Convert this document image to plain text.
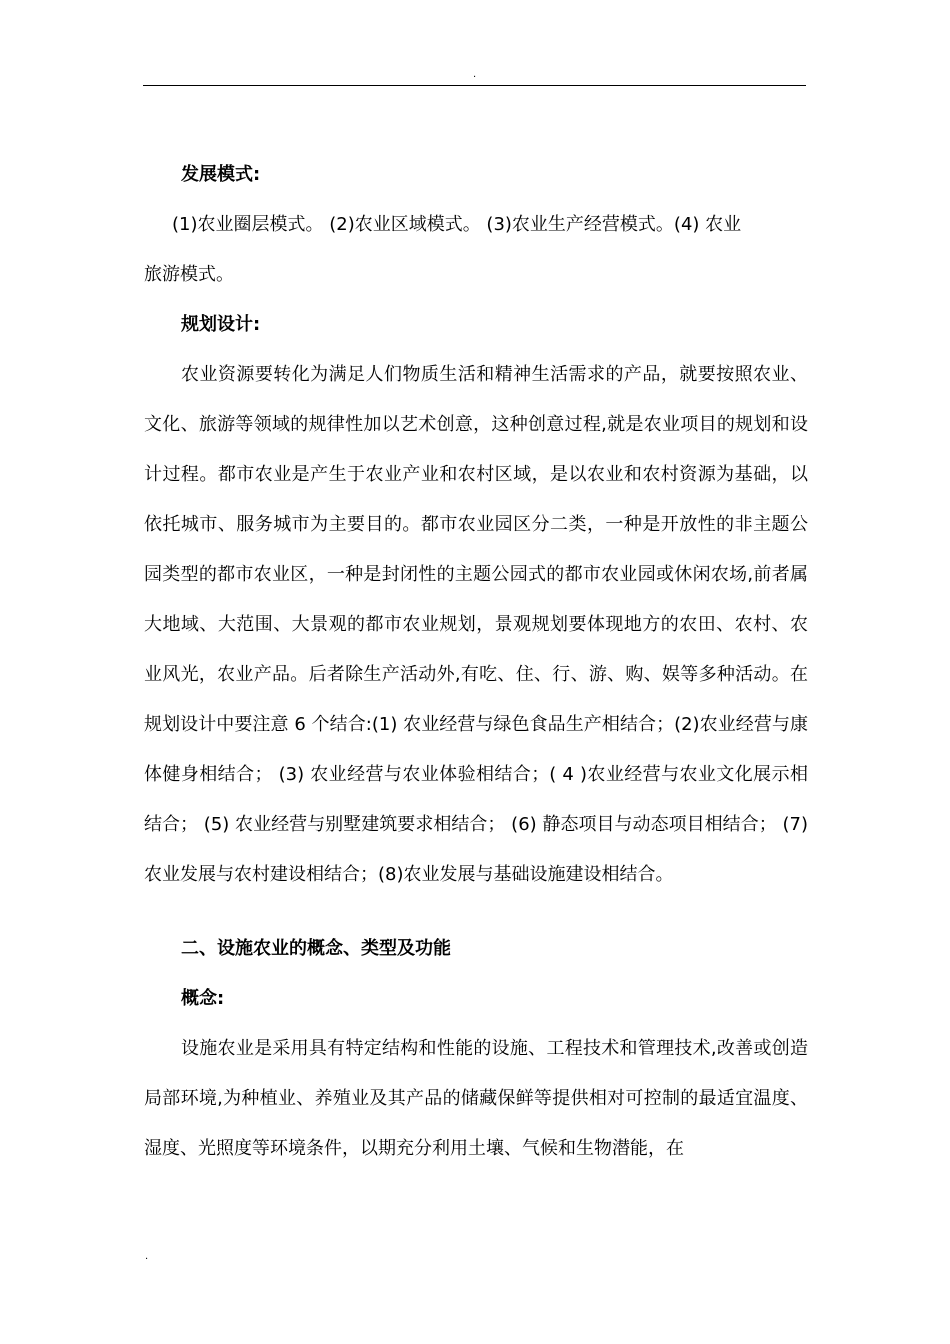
.

发展模式:

(1)农业圈层模式。 (2)农业区域模式。 (3)农业生产经营模式。(4) 农业

旅游模式。

规划设计:

农业资源要转化为满足人们物质生活和精神生活需求的产品，就要按照农业、文化、旅游等领域的规律性加以艺术创意，这种创意过程,就是农业项目的规划和设计过程。都市农业是产生于农业产业和农村区域，是以农业和农村资源为基础，以依托城市、服务城市为主要目的。都市农业园区分二类，一种是开放性的非主题公园类型的都市农业区，一种是封闭性的主题公园式的都市农业园或休闲农场,前者属大地域、大范围、大景观的都市农业规划，景观规划要体现地方的农田、农村、农业风光，农业产品。后者除生产活动外,有吃、住、行、游、购、娱等多种活动。在规划设计中要注意 6 个结合:(1) 农业经营与绿色食品生产相结合；(2)农业经营与康体健身相结合； (3) 农业经营与农业体验相结合；( 4 )农业经营与农业文化展示相结合； (5) 农业经营与别墅建筑要求相结合； (6) 静态项目与动态项目相结合； (7) 农业发展与农村建设相结合；(8)农业发展与基础设施建设相结合。

二、设施农业的概念、类型及功能

概念:

设施农业是采用具有特定结构和性能的设施、工程技术和管理技术,改善或创造局部环境,为种植业、养殖业及其产品的储藏保鲜等提供相对可控制的最适宜温度、湿度、光照度等环境条件，以期充分利用土壤、气候和生物潜能，在

.
